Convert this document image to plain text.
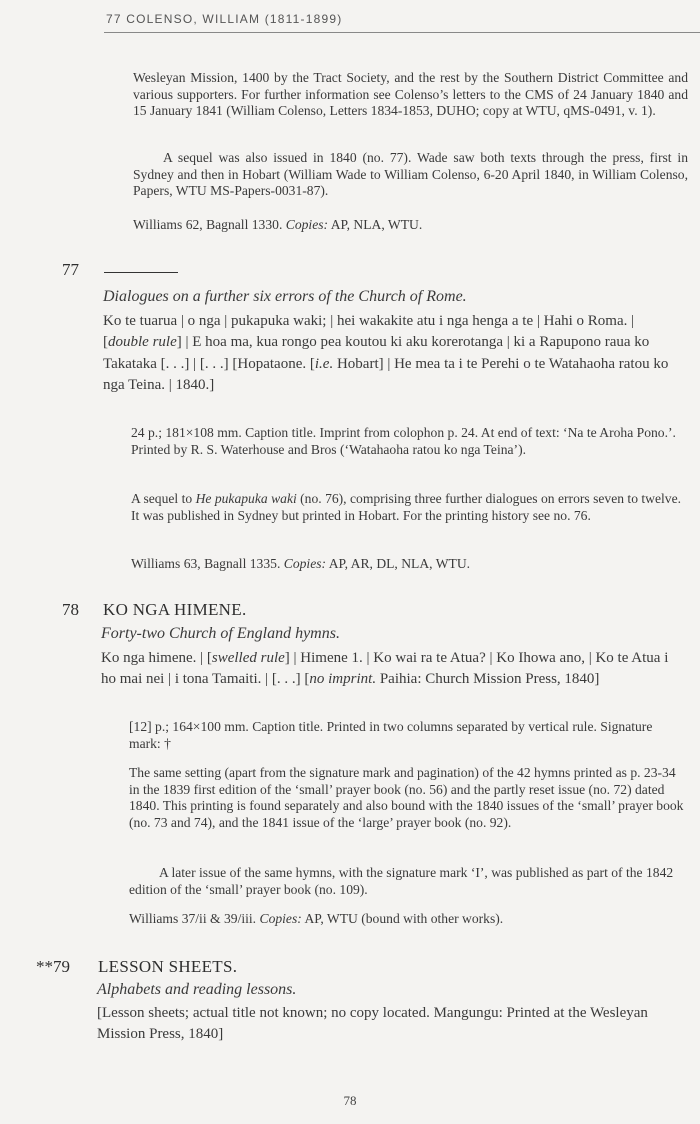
77 COLENSO, WILLIAM (1811-1899)
Wesleyan Mission, 1400 by the Tract Society, and the rest by the Southern District Committee and various supporters. For further information see Colenso’s letters to the CMS of 24 January 1840 and 15 January 1841 (William Colenso, Letters 1834-1853, DUHO; copy at WTU, qMS-0491, v. 1).
A sequel was also issued in 1840 (no. 77). Wade saw both texts through the press, first in Sydney and then in Hobart (William Wade to William Colenso, 6-20 April 1840, in William Colenso, Papers, WTU MS-Papers-0031-87).
Williams 62, Bagnall 1330. Copies: AP, NLA, WTU.
77
Dialogues on a further six errors of the Church of Rome.
Ko te tuarua | o nga | pukapuka waki; | hei wakakite atu i nga henga a te | Hahi o Roma. | [double rule] | E hoa ma, kua rongo pea koutou ki aku korerotanga | ki a Rapupono raua ko Takataka [. . .] | [. . .] [Hopataone. [i.e. Hobart] | He mea ta i te Perehi o te Watahaoha ratou ko nga Teina. | 1840.]
24 p.; 181×108 mm. Caption title. Imprint from colophon p. 24. At end of text: ‘Na te Aroha Pono.’. Printed by R. S. Waterhouse and Bros (‘Watahaoha ratou ko nga Teina’).
A sequel to He pukapuka waki (no. 76), comprising three further dialogues on errors seven to twelve. It was published in Sydney but printed in Hobart. For the printing history see no. 76.
Williams 63, Bagnall 1335. Copies: AP, AR, DL, NLA, WTU.
78 KO NGA HIMENE.
Forty-two Church of England hymns.
Ko nga himene. | [swelled rule] | Himene 1. | Ko wai ra te Atua? | Ko Ihowa ano, | Ko te Atua i ho mai nei | i tona Tamaiti. | [. . .] [no imprint. Paihia: Church Mission Press, 1840]
[12] p.; 164×100 mm. Caption title. Printed in two columns separated by vertical rule. Signature mark: †
The same setting (apart from the signature mark and pagination) of the 42 hymns printed as p. 23-34 in the 1839 first edition of the ‘small’ prayer book (no. 56) and the partly reset issue (no. 72) dated 1840. This printing is found separately and also bound with the 1840 issues of the ‘small’ prayer book (no. 73 and 74), and the 1841 issue of the ‘large’ prayer book (no. 92).
A later issue of the same hymns, with the signature mark ‘I’, was published as part of the 1842 edition of the ‘small’ prayer book (no. 109).
Williams 37/ii & 39/iii. Copies: AP, WTU (bound with other works).
**79 LESSON SHEETS.
Alphabets and reading lessons.
[Lesson sheets; actual title not known; no copy located. Mangungu: Printed at the Wesleyan Mission Press, 1840]
78
